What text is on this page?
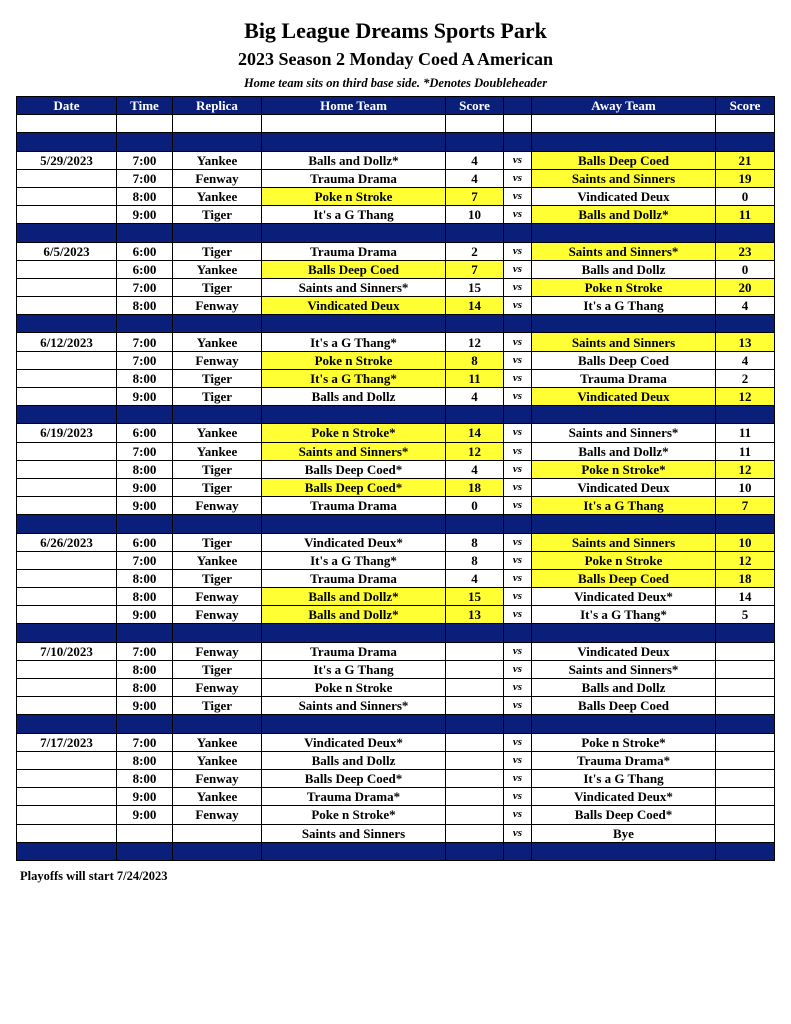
Big League Dreams Sports Park
2023 Season 2 Monday Coed A American
Home team sits on third base side. *Denotes Doubleheader
Date	Time	Replica	Home Team	Score		Away Team	Score

5/29/2023	7:00	Yankee	Balls and Dollz*	4	vs	Balls Deep Coed	21
	7:00	Fenway	Trauma Drama	4	vs	Saints and Sinners	19
	8:00	Yankee	Poke n Stroke	7	vs	Vindicated Deux	0
	9:00	Tiger	It's a G Thang	10	vs	Balls and Dollz*	11

6/5/2023	6:00	Tiger	Trauma Drama	2	vs	Saints and Sinners*	23
	6:00	Yankee	Balls Deep Coed	7	vs	Balls and Dollz	0
	7:00	Tiger	Saints and Sinners*	15	vs	Poke n Stroke	20
	8:00	Fenway	Vindicated Deux	14	vs	It's a G Thang	4

6/12/2023	7:00	Yankee	It's a G Thang*	12	vs	Saints and Sinners	13
	7:00	Fenway	Poke n Stroke	8	vs	Balls Deep Coed	4
	8:00	Tiger	It's a G Thang*	11	vs	Trauma Drama	2
	9:00	Tiger	Balls and Dollz	4	vs	Vindicated Deux	12

6/19/2023	6:00	Yankee	Poke n Stroke*	14	vs	Saints and Sinners*	11
	7:00	Yankee	Saints and Sinners*	12	vs	Balls and Dollz*	11
	8:00	Tiger	Balls Deep Coed*	4	vs	Poke n Stroke*	12
	9:00	Tiger	Balls Deep Coed*	18	vs	Vindicated Deux	10
	9:00	Fenway	Trauma Drama	0	vs	It's a G Thang	7

6/26/2023	6:00	Tiger	Vindicated Deux*	8	vs	Saints and Sinners	10
	7:00	Yankee	It's a G Thang*	8	vs	Poke n Stroke	12
	8:00	Tiger	Trauma Drama	4	vs	Balls Deep Coed	18
	8:00	Fenway	Balls and Dollz*	15	vs	Vindicated Deux*	14
	9:00	Fenway	Balls and Dollz*	13	vs	It's a G Thang*	5

7/10/2023	7:00	Fenway	Trauma Drama		vs	Vindicated Deux	
	8:00	Tiger	It's a G Thang		vs	Saints and Sinners*	
	8:00	Fenway	Poke n Stroke		vs	Balls and Dollz	
	9:00	Tiger	Saints and Sinners*		vs	Balls Deep Coed	

7/17/2023	7:00	Yankee	Vindicated Deux*		vs	Poke n Stroke*	
	8:00	Yankee	Balls and Dollz		vs	Trauma Drama*	
	8:00	Fenway	Balls Deep Coed*		vs	It's a G Thang	
	9:00	Yankee	Trauma Drama*		vs	Vindicated Deux*	
	9:00	Fenway	Poke n Stroke*		vs	Balls Deep Coed*	
			Saints and Sinners		vs	Bye	

Playoffs will start 7/24/2023
